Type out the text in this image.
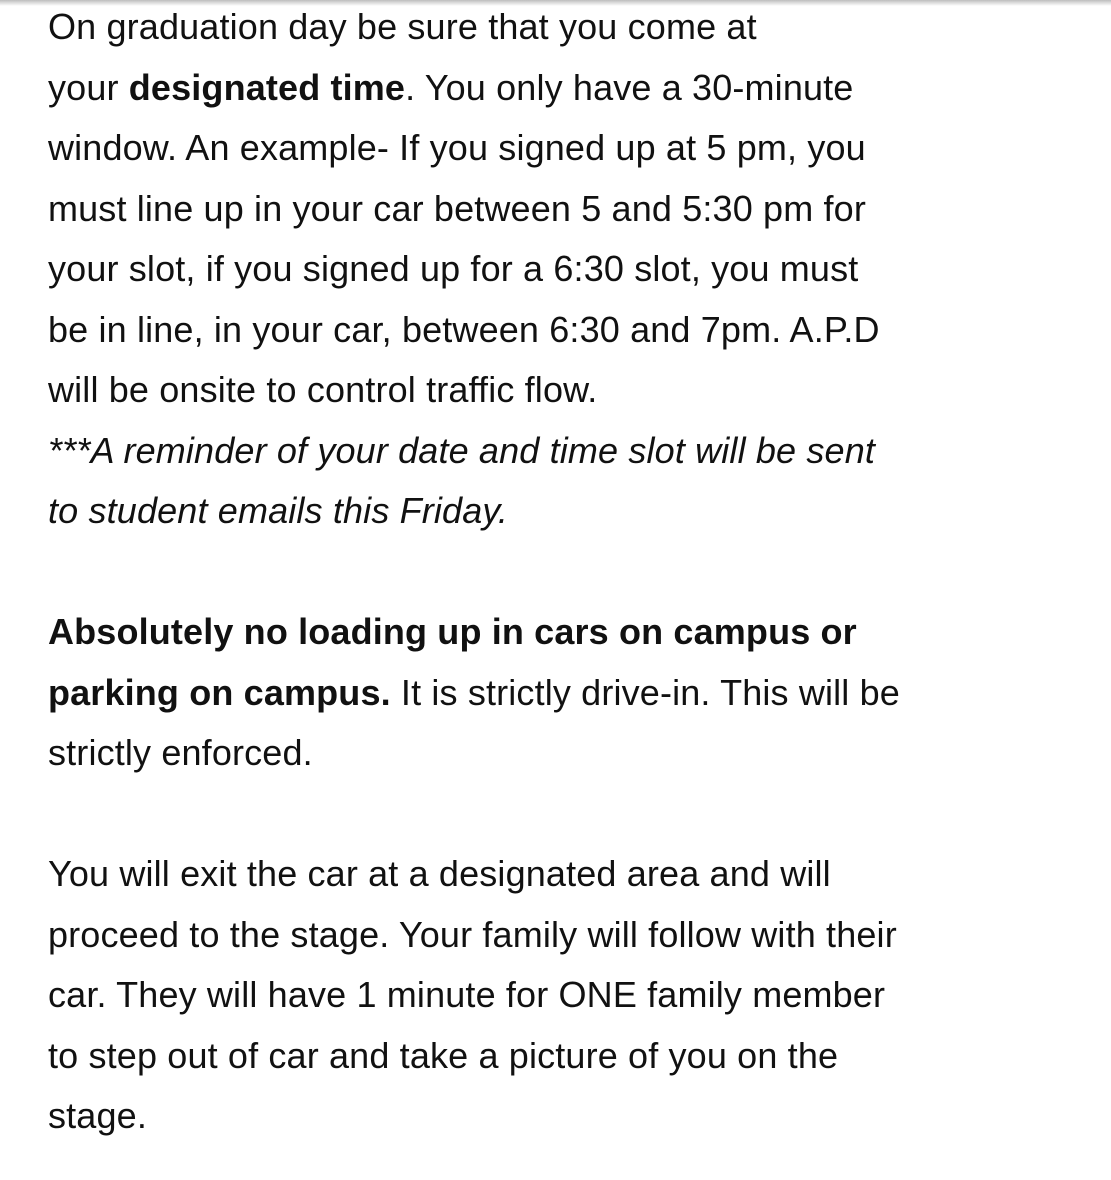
On graduation day be sure that you come at
your designated time. You only have a 30-minute
window. An example- If you signed up at 5 pm, you
must line up in your car between 5 and 5:30 pm for
your slot, if you signed up for a 6:30 slot, you must
be in line, in your car, between 6:30 and 7pm. A.P.D
will be onsite to control traffic flow.
***A reminder of your date and time slot will be sent
to student emails this Friday.
Absolutely no loading up in cars on campus or
parking on campus. It is strictly drive-in. This will be
strictly enforced.
You will exit the car at a designated area and will
proceed to the stage. Your family will follow with their
car. They will have 1 minute for ONE family member
to step out of car and take a picture of you on the
stage.
